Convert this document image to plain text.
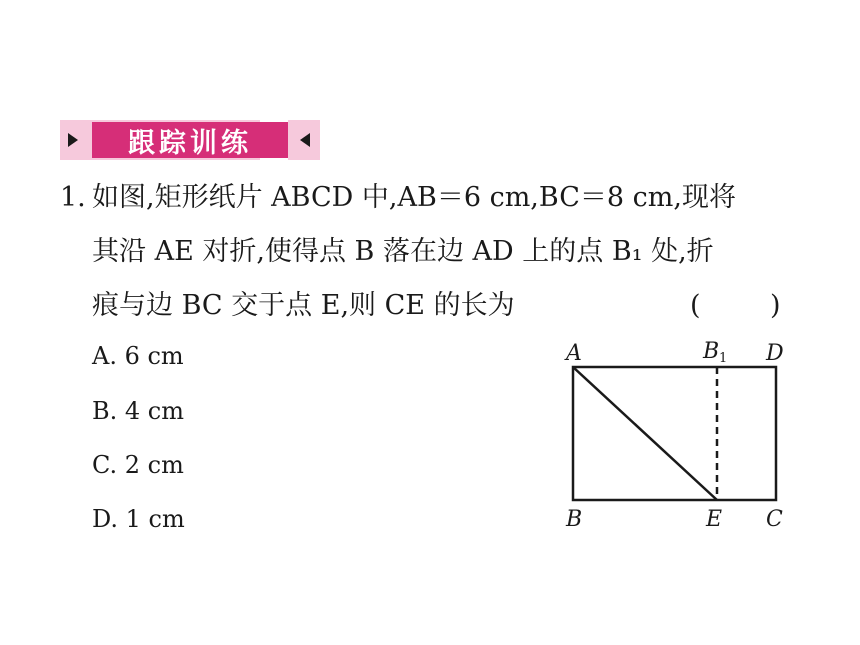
跟踪训练
1. 如图,矩形纸片 ABCD 中,AB＝6 cm,BC＝8 cm,现将
其沿 AE 对折,使得点 B 落在边 AD 上的点 B₁ 处,折
痕与边 BC 交于点 E,则 CE 的长为	(	)
A. 6 cm
B. 4 cm
C. 2 cm
D. 1 cm
A	B 1 D
B	E C
